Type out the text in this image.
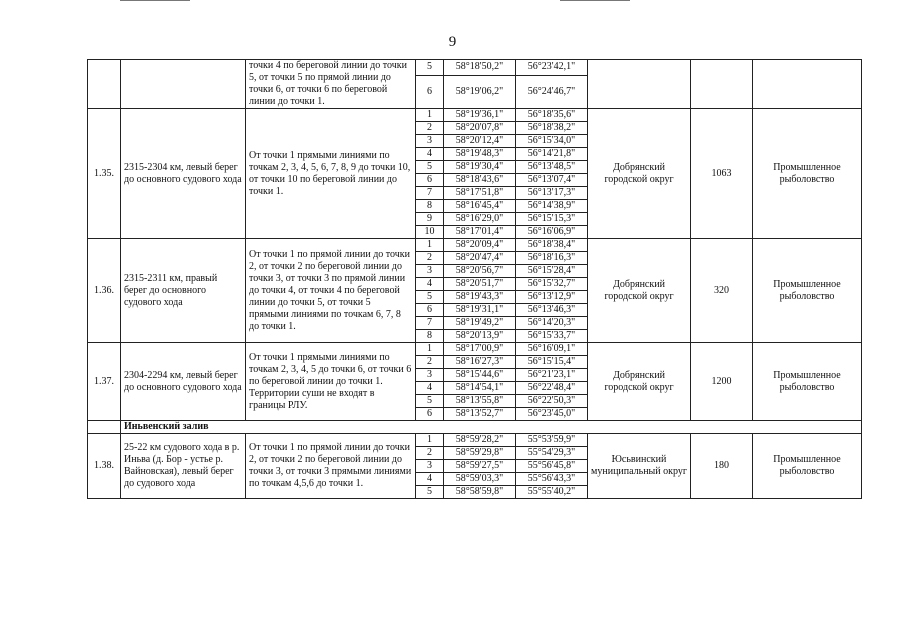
9
		точки 4 по береговой линии до точки 5, от точки 5 по прямой линии до точки 6, от точки 6 по береговой линии до точки 1.	5	58°18'50,2"	56°23'42,1"			
			6	58°19'06,2"	56°24'46,7"			
1.35.	2315-2304 км, левый берег до основного судового хода	От точки 1 прямыми линиями по точкам 2, 3, 4, 5, 6, 7, 8, 9 до точки 10, от точки 10 по береговой линии до точки 1.	1	58°19'36,1"	56°18'35,6"	Добрянский городской округ	1063	Промышленное рыболовство
			2	58°20'07,8"	56°18'38,2"			
			3	58°20'12,4"	56°15'34,0"			
			4	58°19'48,3"	56°14'21,8"			
			5	58°19'30,4"	56°13'48,5"			
			6	58°18'43,6"	56°13'07,4"			
			7	58°17'51,8"	56°13'17,3"			
			8	58°16'45,4"	56°14'38,9"			
			9	58°16'29,0"	56°15'15,3"			
			10	58°17'01,4"	56°16'06,9"			
1.36.	2315-2311 км, правый берег до основного судового хода	От точки 1 по прямой линии до точки 2, от точки 2 по береговой линии до точки 3, от точки 3 по прямой линии до точки 4, от точки 4 по береговой линии до точки 5, от точки 5 прямыми линиями по точкам 6, 7, 8 до точки 1.	1	58°20'09,4"	56°18'38,4"	Добрянский городской округ	320	Промышленное рыболовство
			2	58°20'47,4"	56°18'16,3"			
			3	58°20'56,7"	56°15'28,4"			
			4	58°20'51,7"	56°15'32,7"			
			5	58°19'43,3"	56°13'12,9"			
			6	58°19'31,1"	56°13'46,3"			
			7	58°19'49,2"	56°14'20,3"			
			8	58°20'13,9"	56°15'33,7"			
1.37.	2304-2294 км, левый берег до основного судового хода	От точки 1 прямыми линиями по точкам 2, 3, 4, 5 до точки 6, от точки 6 по береговой линии до точки 1. Территории суши не входят в границы РЛУ.	1	58°17'00,9"	56°16'09,1"	Добрянский городской округ	1200	Промышленное рыболовство
			2	58°16'27,3"	56°15'15,4"			
			3	58°15'44,6"	56°21'23,1"			
			4	58°14'54,1"	56°22'48,4"			
			5	58°13'55,8"	56°22'50,3"			
			6	58°13'52,7"	56°23'45,0"			
	Иньвенский залив							
1.38.	25-22 км судового хода в р. Иньва (д. Бор - устье р. Вайновская), левый берег до судового хода	От точки 1 по прямой линии до точки 2, от точки 2 по береговой линии до точки 3, от точки 3 прямыми линиями по точкам 4,5,6 до точки 1.	1	58°59'28,2"	55°53'59,9"	Юсьвинский муниципальный округ	180	Промышленное рыболовство
			2	58°59'29,8"	55°54'29,3"			
			3	58°59'27,5"	55°56'45,8"			
			4	58°59'03,3"	55°56'43,3"			
			5	58°58'59,8"	55°55'40,2"			
